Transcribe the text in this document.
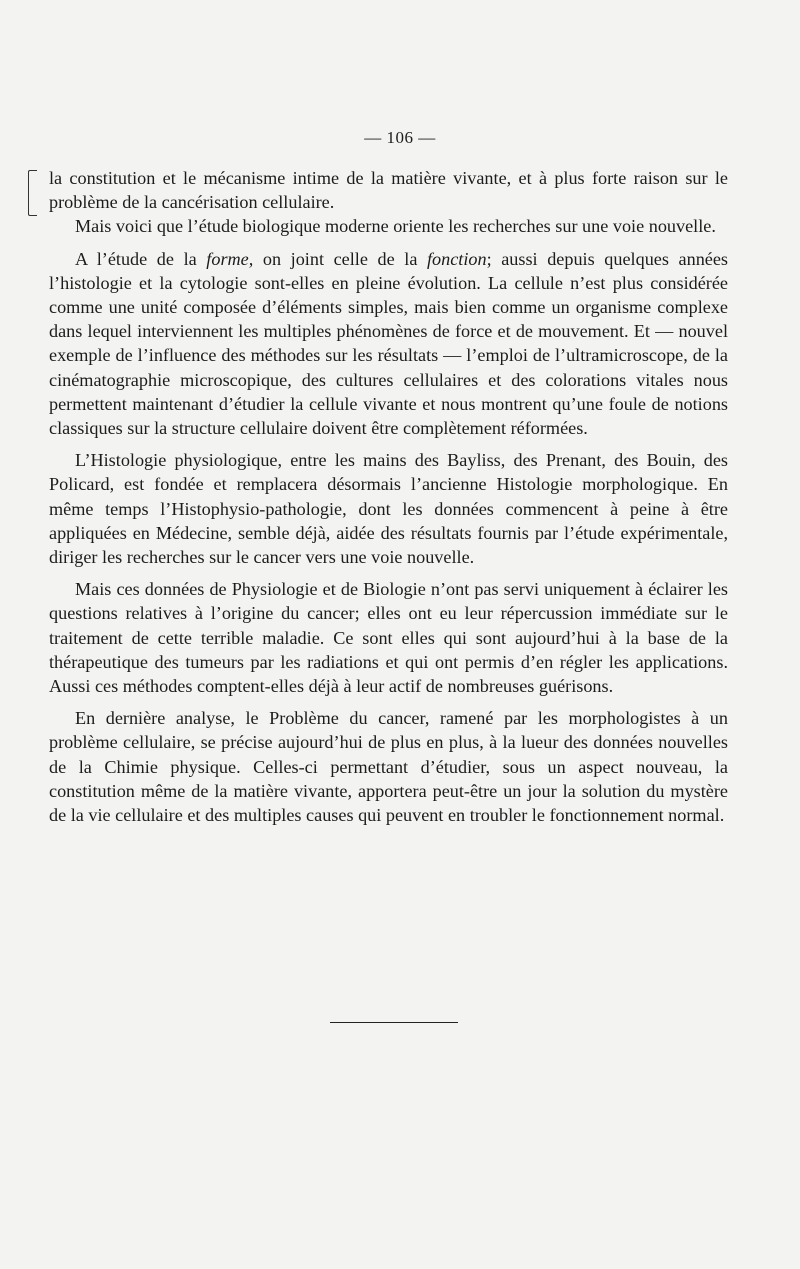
— 106 —

la constitution et le mécanisme intime de la matière vivante, et à plus forte raison sur le problème de la cancérisation cellulaire.

Mais voici que l’étude biologique moderne oriente les recherches sur une voie nouvelle.

A l’étude de la forme, on joint celle de la fonction; aussi depuis quelques années l’histologie et la cytologie sont-elles en pleine évolution. La cellule n’est plus considérée comme une unité composée d’éléments simples, mais bien comme un organisme complexe dans lequel interviennent les multiples phénomènes de force et de mouvement. Et — nouvel exemple de l’influence des méthodes sur les résultats — l’emploi de l’ultramicroscope, de la cinématographie microscopique, des cultures cellulaires et des colorations vitales nous permettent maintenant d’étudier la cellule vivante et nous montrent qu’une foule de notions classiques sur la structure cellulaire doivent être complètement réformées.

L’Histologie physiologique, entre les mains des Bayliss, des Prenant, des Bouin, des Policard, est fondée et remplacera désormais l’ancienne Histologie morphologique. En même temps l’Histophysio-pathologie, dont les données commencent à peine à être appliquées en Médecine, semble déjà, aidée des résultats fournis par l’étude expérimentale, diriger les recherches sur le cancer vers une voie nouvelle.

Mais ces données de Physiologie et de Biologie n’ont pas servi uniquement à éclairer les questions relatives à l’origine du cancer; elles ont eu leur répercussion immédiate sur le traitement de cette terrible maladie. Ce sont elles qui sont aujourd’hui à la base de la thérapeutique des tumeurs par les radiations et qui ont permis d’en régler les applications. Aussi ces méthodes comptent-elles déjà à leur actif de nombreuses guérisons.

En dernière analyse, le Problème du cancer, ramené par les morphologistes à un problème cellulaire, se précise aujourd’hui de plus en plus, à la lueur des données nouvelles de la Chimie physique. Celles-ci permettant d’étudier, sous un aspect nouveau, la constitution même de la matière vivante, apportera peut-être un jour la solution du mystère de la vie cellulaire et des multiples causes qui peuvent en troubler le fonctionnement normal.
